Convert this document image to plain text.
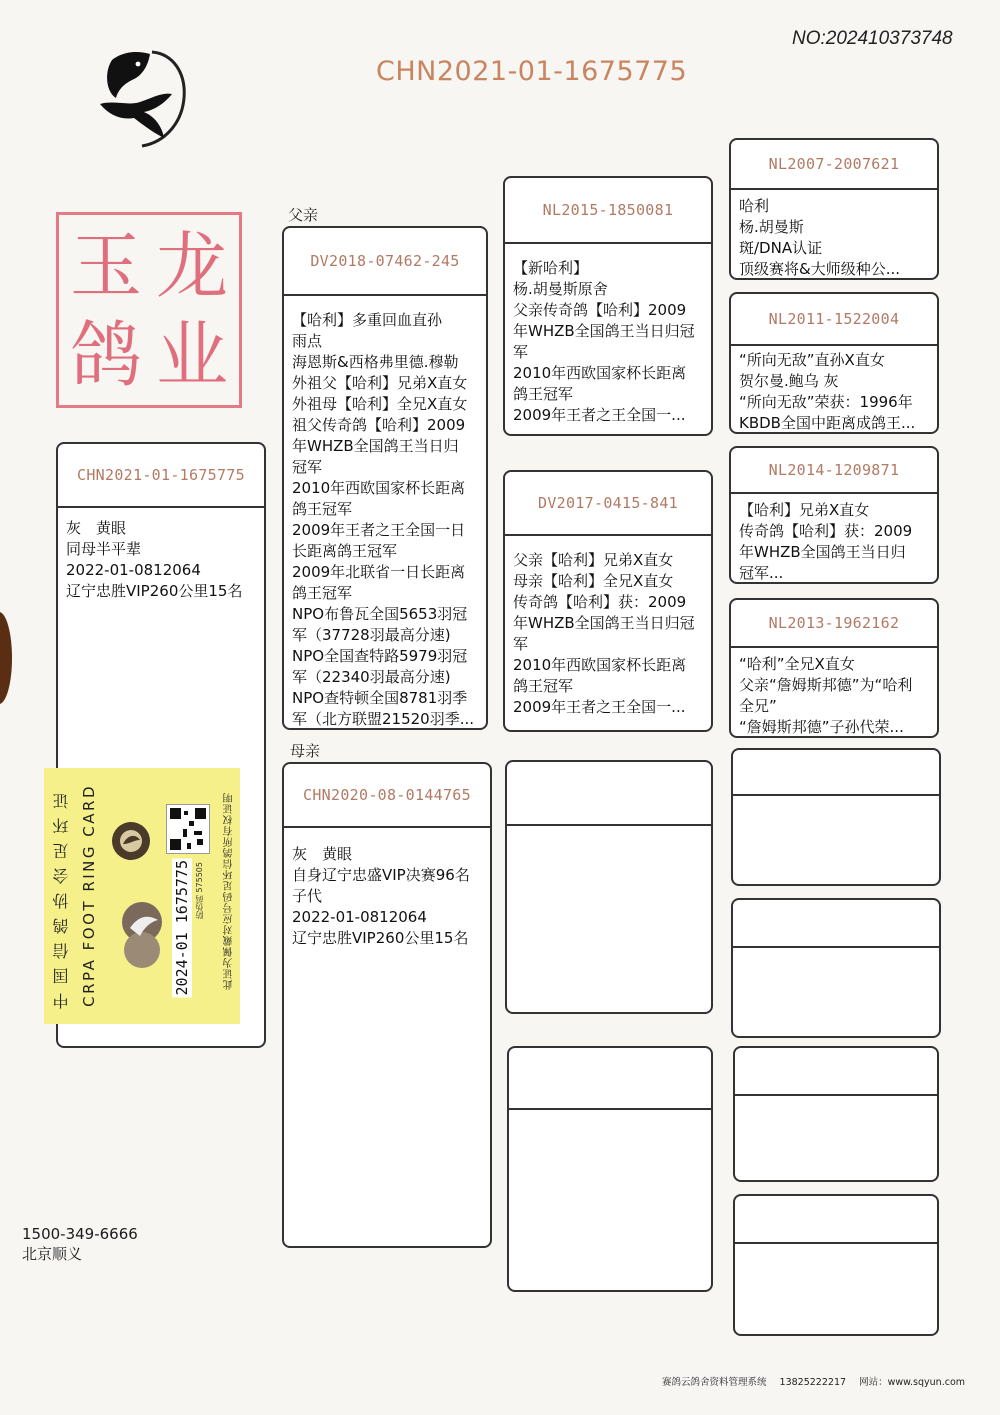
NO:202410373748
CHN2021-01-1675775
玉 龙
鸽 业
父亲
母亲
CHN2021-01-1675775
灰　黄眼
同母半平辈
2022-01-0812064
辽宁忠胜VIP260公里15名
中国信鸽协会足环证 CRPA FOOT RING CARD	2024-01 1675775 防伪码 575505 此证为佩戴对应号码足环信鸽所有权证明
DV2018-07462-245
【哈利】多重回血直孙
雨点
海恩斯&西格弗里德.穆勒
外祖父【哈利】兄弟X直女
外祖母【哈利】全兄X直女
祖父传奇鸽【哈利】2009
年WHZB全国鸽王当日归
冠军
2010年西欧国家杯长距离
鸽王冠军
2009年王者之王全国一日
长距离鸽王冠军
2009年北联省一日长距离
鸽王冠军
NPO布鲁瓦全国5653羽冠
军（37728羽最高分速)
NPO全国查特路5979羽冠
军（22340羽最高分速)
NPO查特顿全国8781羽季
军（北方联盟21520羽季...
CHN2020-08-0144765
灰　黄眼
自身辽宁忠盛VIP决赛96名
子代
2022-01-0812064
辽宁忠胜VIP260公里15名
NL2015-1850081
【新哈利】
杨.胡曼斯原舍
父亲传奇鸽【哈利】2009
年WHZB全国鸽王当日归冠
军
2010年西欧国家杯长距离
鸽王冠军
2009年王者之王全国一...
DV2017-0415-841
父亲【哈利】兄弟X直女
母亲【哈利】全兄X直女
传奇鸽【哈利】获：2009
年WHZB全国鸽王当日归冠
军
2010年西欧国家杯长距离
鸽王冠军
2009年王者之王全国一...
NL2007-2007621
哈利
杨.胡曼斯
斑/DNA认证
顶级赛将&大师级种公...
NL2011-1522004
“所向无敌”直孙X直女
贺尔曼.鲍乌 灰
“所向无敌”荣获：1996年
KBDB全国中距离成鸽王...
NL2014-1209871
【哈利】兄弟X直女
传奇鸽【哈利】获：2009
年WHZB全国鸽王当日归
冠军...
NL2013-1962162
“哈利”全兄X直女
父亲“詹姆斯邦德”为“哈利
全兄”
“詹姆斯邦德”子孙代荣...
1500-349-6666
北京顺义
赛鸽云鸽舍资料管理系统 13825222217 网站：www.sqyun.com
